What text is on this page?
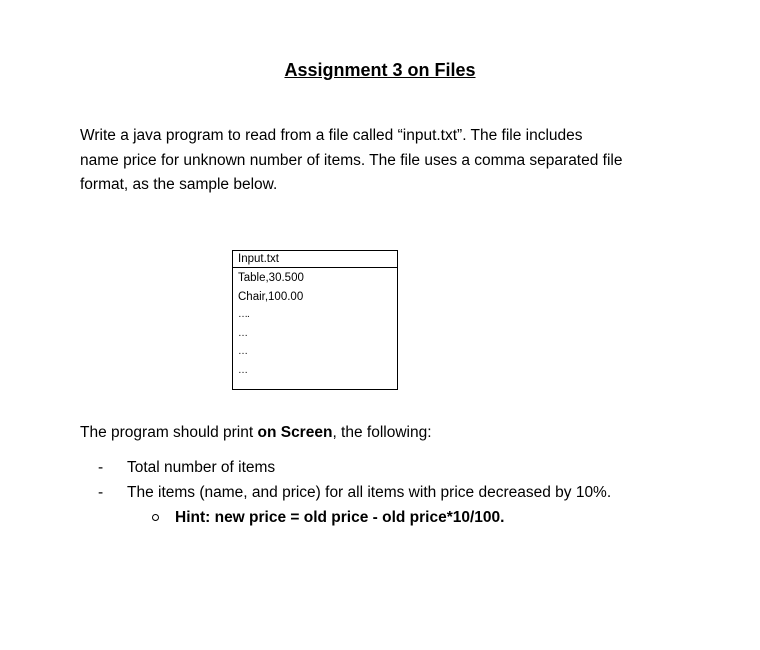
Assignment 3 on Files
Write a java program to read from a file called “input.txt”. The file includes
name price for unknown number of items. The file uses a comma separated file
format, as the sample below.
Input.txt
Table,30.500
Chair,100.00
….
…
…
…
The program should print on Screen, the following:
- Total number of items
- The items (name, and price) for all items with price decreased by 10%.
Hint: new price = old price - old price*10/100.
